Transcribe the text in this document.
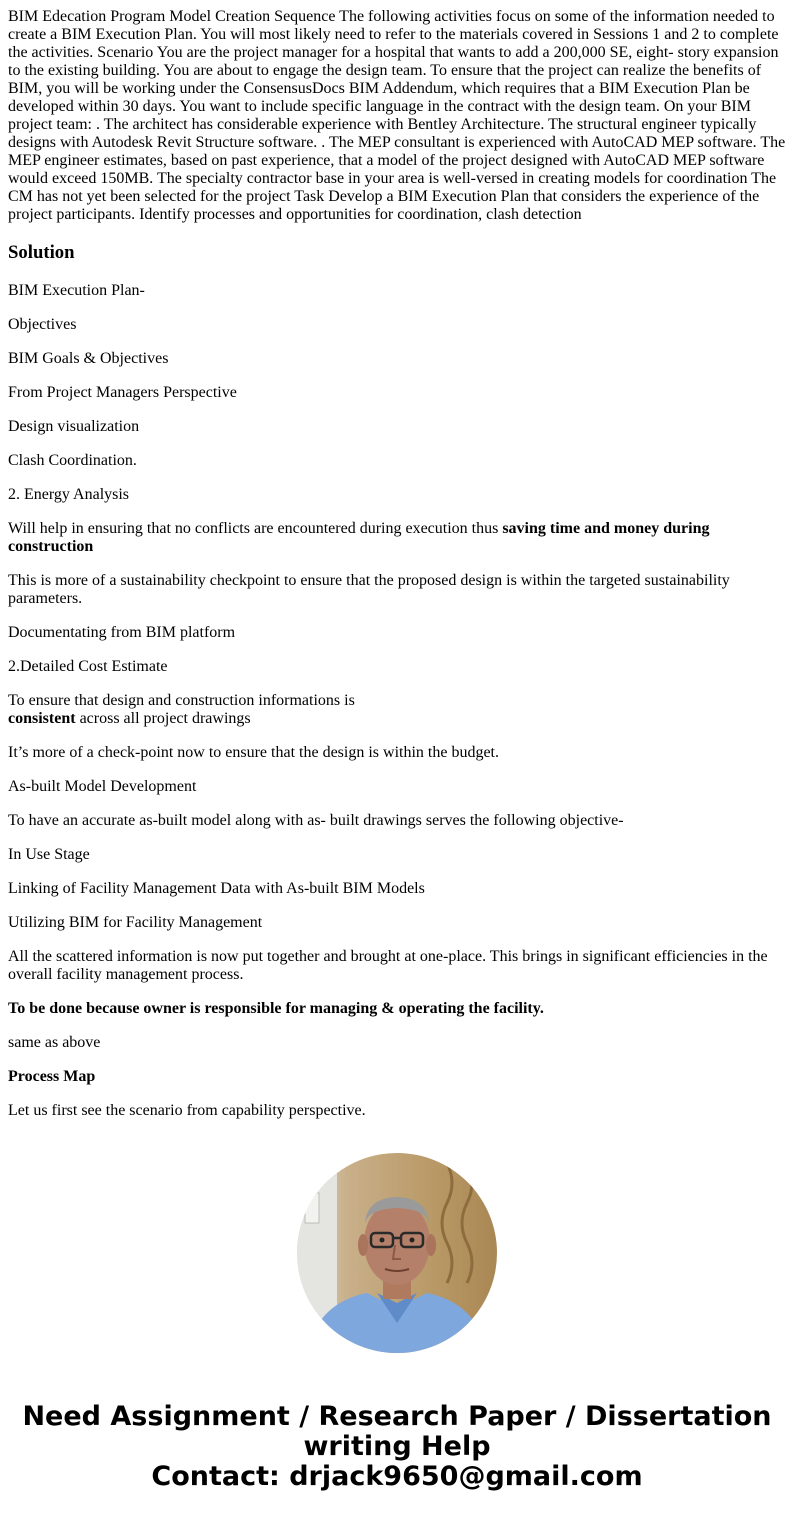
BIM Edecation Program Model Creation Sequence The following activities focus on some of the information needed to create a BIM Execution Plan. You will most likely need to refer to the materials covered in Sessions 1 and 2 to complete the activities. Scenario You are the project manager for a hospital that wants to add a 200,000 SE, eight- story expansion to the existing building. You are about to engage the design team. To ensure that the project can realize the benefits of BIM, you will be working under the ConsensusDocs BIM Addendum, which requires that a BIM Execution Plan be developed within 30 days. You want to include specific language in the contract with the design team. On your BIM project team: . The architect has considerable experience with Bentley Architecture. The structural engineer typically designs with Autodesk Revit Structure software. . The MEP consultant is experienced with AutoCAD MEP software. The MEP engineer estimates, based on past experience, that a model of the project designed with AutoCAD MEP software would exceed 150MB. The specialty contractor base in your area is well-versed in creating models for coordination The CM has not yet been selected for the project Task Develop a BIM Execution Plan that considers the experience of the project participants. Identify processes and opportunities for coordination, clash detection
Solution

BIM Execution Plan-

Objectives

BIM Goals & Objectives

From Project Managers Perspective

Design visualization

Clash Coordination.

2. Energy Analysis

Will help in ensuring that no conflicts are encountered during execution thus saving time and money during construction

This is more of a sustainability checkpoint to ensure that the proposed design is within the targeted sustainability parameters.

Documentating from BIM platform

2.Detailed Cost Estimate

To ensure that design and construction informations is
consistent across all project drawings

It’s more of a check-point now to ensure that the design is within the budget.

As-built Model Development

To have an accurate as-built model along with as- built drawings serves the following objective-

In Use Stage

Linking of Facility Management Data with As-built BIM Models

Utilizing BIM for Facility Management

All the scattered information is now put together and brought at one-place. This brings in significant efficiencies in the overall facility management process.

To be done because owner is responsible for managing & operating the facility.

same as above

Process Map

Let us first see the scenario from capability perspective.

Need Assignment / Research Paper / Dissertation
writing Help
Contact: drjack9650@gmail.com
